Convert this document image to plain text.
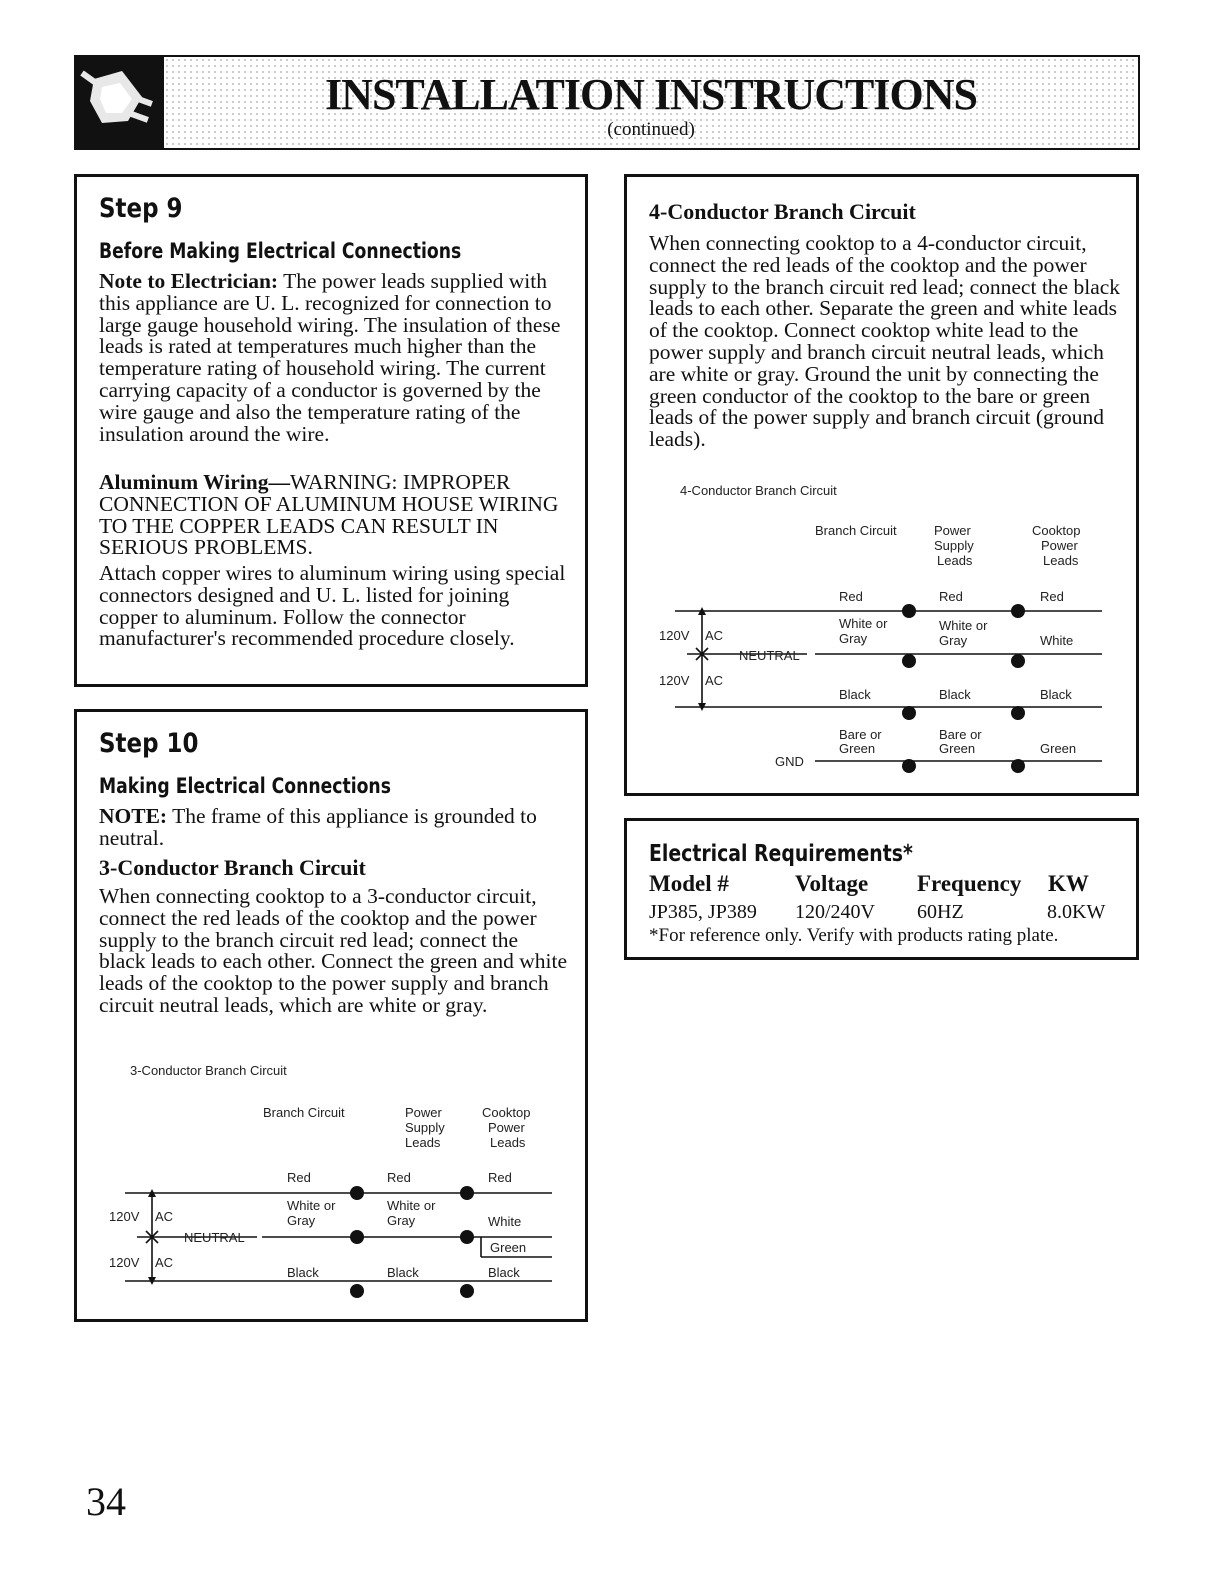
INSTALLATION INSTRUCTIONS
(continued)
Step 9
Before Making Electrical Connections

Note to Electrician: The power leads supplied with this appliance are U. L. recognized for connection to large gauge household wiring. The insulation of these leads is rated at temperatures much higher than the temperature rating of household wiring. The current carrying capacity of a conductor is governed by the wire gauge and also the temperature rating of the insulation around the wire.

Aluminum Wiring—WARNING: IMPROPER CONNECTION OF ALUMINUM HOUSE WIRING TO THE COPPER LEADS CAN RESULT IN SERIOUS PROBLEMS.

Attach copper wires to aluminum wiring using special connectors designed and U. L. listed for joining copper to aluminum. Follow the connector manufacturer's recommended procedure closely.

Step 10
Making Electrical Connections

NOTE: The frame of this appliance is grounded to neutral.

3-Conductor Branch Circuit

When connecting cooktop to a 3-conductor circuit, connect the red leads of the cooktop and the power supply to the branch circuit red lead; connect the black leads to each other. Connect the green and white leads of the cooktop to the power supply and branch circuit neutral leads, which are white or gray.

3-Conductor Branch Circuit
Branch Circuit	Power
Supply
Leads
Cooktop
Power
Leads
Red	Red	Red
White or
Gray
White or
Gray	White
Green
Black	Black	Black
120V AC
NEUTRAL
120V AC
4-Conductor Branch Circuit

When connecting cooktop to a 4-conductor circuit, connect the red leads of the cooktop and the power supply to the branch circuit red lead; connect the black leads to each other. Separate the green and white leads of the cooktop. Connect cooktop white lead to the power supply and branch circuit neutral leads, which are white or gray. Ground the unit by connecting the green conductor of the cooktop to the bare or green leads of the power supply and branch circuit (ground leads).

4-Conductor Branch Circuit
Branch Circuit	Power
Supply
Leads
Cooktop
Power
Leads
Red	Red	Red
White or
Gray
White or
Gray	White
Black	Black	Black
Bare or
Green
Bare or
Green	Green
120V AC
NEUTRAL
120V AC
GND
Electrical Requirements*
Model #	Voltage Frequency KW
JP385, JP389 120/240V 60HZ	8.0KW
*For reference only. Verify with products rating plate.
34
